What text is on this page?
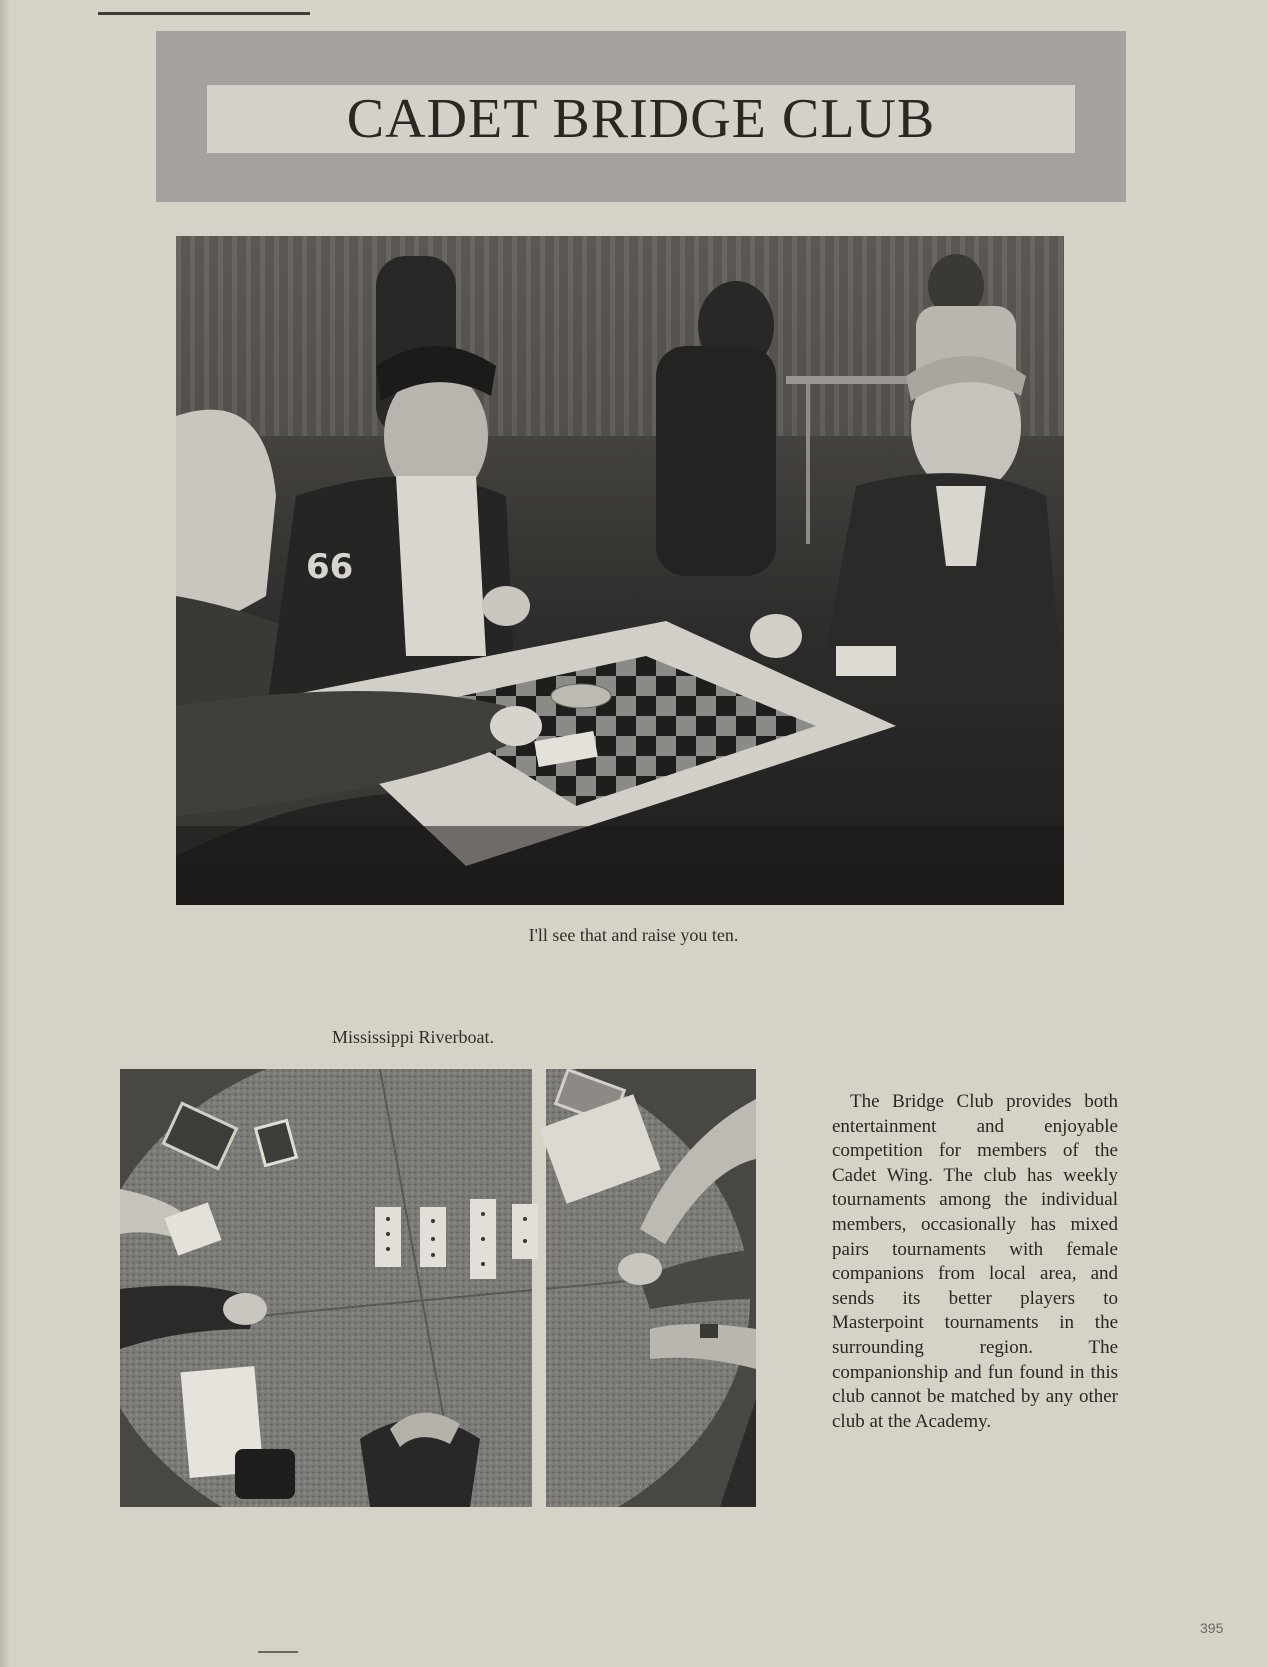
CADET BRIDGE CLUB
66
I'll see that and raise you ten.
Mississippi Riverboat.

The Bridge Club provides both entertainment and enjoyable competition for members of the Cadet Wing. The club has weekly tournaments among the individual members, occasionally has mixed pairs tournaments with female companions from local area, and sends its better players to Masterpoint tournaments in the surrounding region. The companionship and fun found in this club cannot be matched by any other club at the Academy.

395
